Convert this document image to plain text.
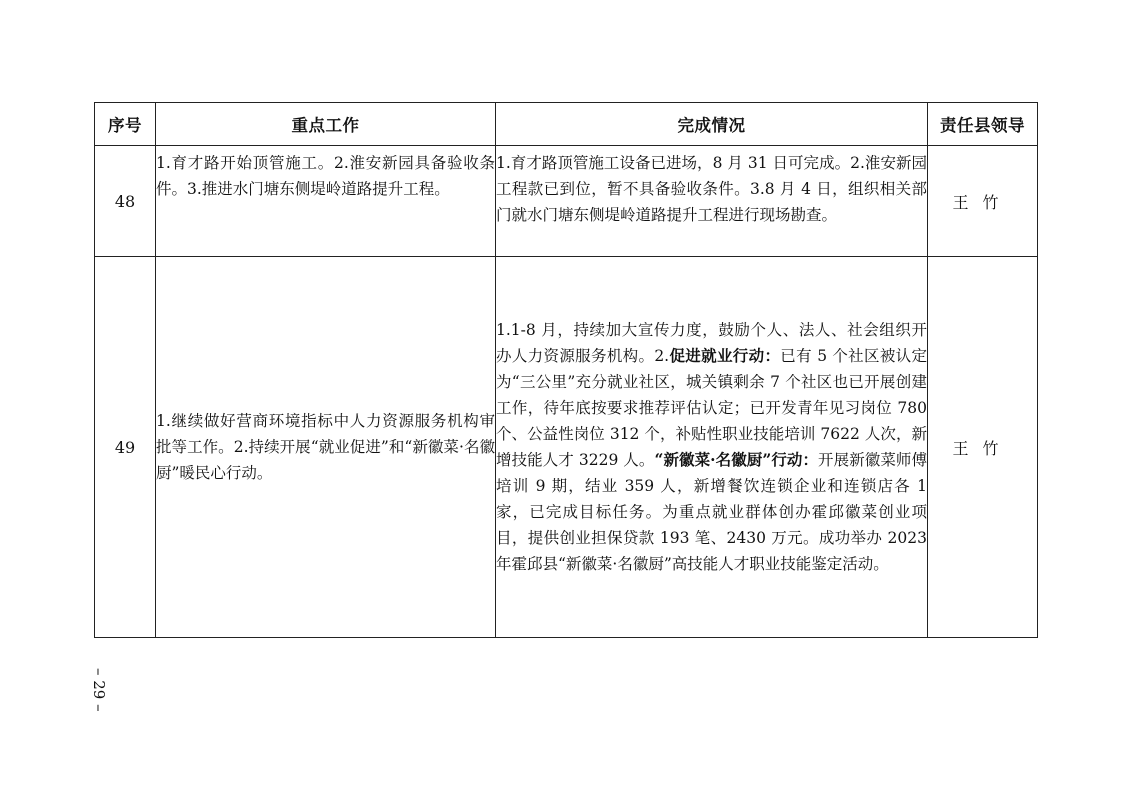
序号	重点工作	完成情况	责任县领导
48	1.育才路开始顶管施工。2.淮安新园具备验收条件。3.推进水门塘东侧堤岭道路提升工程。	1.育才路顶管施工设备已进场，8 月 31 日可完成。2.淮安新园工程款已到位，暂不具备验收条件。3.8 月 4 日，组织相关部门就水门塘东侧堤岭道路提升工程进行现场勘查。	王竹
49	1.继续做好营商环境指标中人力资源服务机构审批等工作。2.持续开展“就业促进”和“新徽菜·名徽厨”暖民心行动。	1.1-8 月，持续加大宣传力度，鼓励个人、法人、社会组织开办人力资源服务机构。2.促进就业行动：已有 5 个社区被认定为“三公里”充分就业社区，城关镇剩余 7 个社区也已开展创建工作，待年底按要求推荐评估认定；已开发青年见习岗位 780 个、公益性岗位 312 个，补贴性职业技能培训 7622 人次，新增技能人才 3229 人。“新徽菜·名徽厨”行动：开展新徽菜师傅培训 9 期，结业 359 人，新增餐饮连锁企业和连锁店各 1 家，已完成目标任务。为重点就业群体创办霍邱徽菜创业项目，提供创业担保贷款 193 笔、2430 万元。成功举办 2023 年霍邱县“新徽菜·名徽厨”高技能人才职业技能鉴定活动。	王竹
– 29 –
